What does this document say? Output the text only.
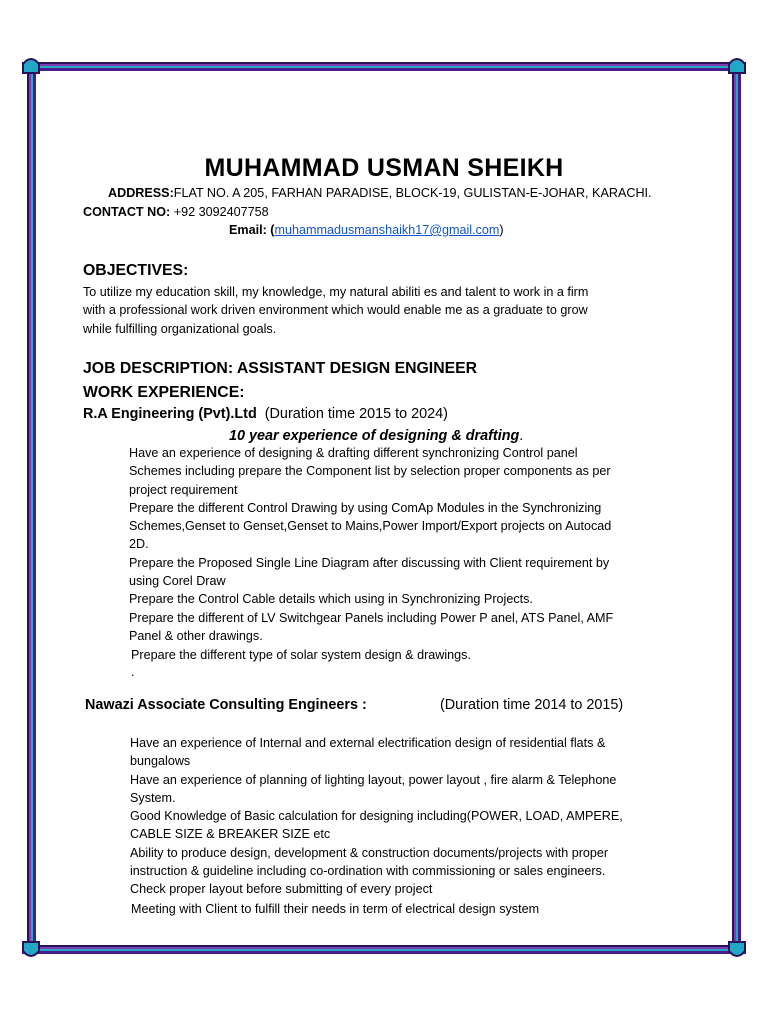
MUHAMMAD USMAN SHEIKH
ADDRESS:FLAT NO. A 205, FARHAN PARADISE, BLOCK-19, GULISTAN-E-JOHAR, KARACHI.
CONTACT NO: +92 3092407758
Email: (muhammadusmanshaikh17@gmail.com)
OBJECTIVES:
To utilize my education skill, my knowledge, my natural abiliti es and talent to work in a firm
with a professional work driven environment which would enable me as a graduate to grow
while fulfilling organizational goals.
JOB DESCRIPTION: ASSISTANT DESIGN ENGINEER
WORK EXPERIENCE:
R.A Engineering (Pvt).Ltd (Duration time 2015 to 2024)
10 year experience of designing & drafting.
Have an experience of designing & drafting different synchronizing Control panel
Schemes including prepare the Component list by selection proper components as per
project requirement
Prepare the different Control Drawing by using ComAp Modules in the Synchronizing
Schemes,Genset to Genset,Genset to Mains,Power Import/Export projects on Autocad
2D.
Prepare the Proposed Single Line Diagram after discussing with Client requirement by
using Corel Draw
Prepare the Control Cable details which using in Synchronizing Projects.
Prepare the different of LV Switchgear Panels including Power P anel, ATS Panel, AMF
Panel & other drawings.
Prepare the different type of solar system design & drawings.
.
Nawazi Associate Consulting Engineers :	(Duration time 2014 to 2015)
Have an experience of Internal and external electrification design of residential flats &
bungalows
Have an experience of planning of lighting layout, power layout , fire alarm & Telephone
System.
Good Knowledge of Basic calculation for designing including(POWER, LOAD, AMPERE,
CABLE SIZE & BREAKER SIZE etc
Ability to produce design, development & construction documents/projects with proper
instruction & guideline including co-ordination with commissioning or sales engineers.
Check proper layout before submitting of every project
Meeting with Client to fulfill their needs in term of electrical design system
